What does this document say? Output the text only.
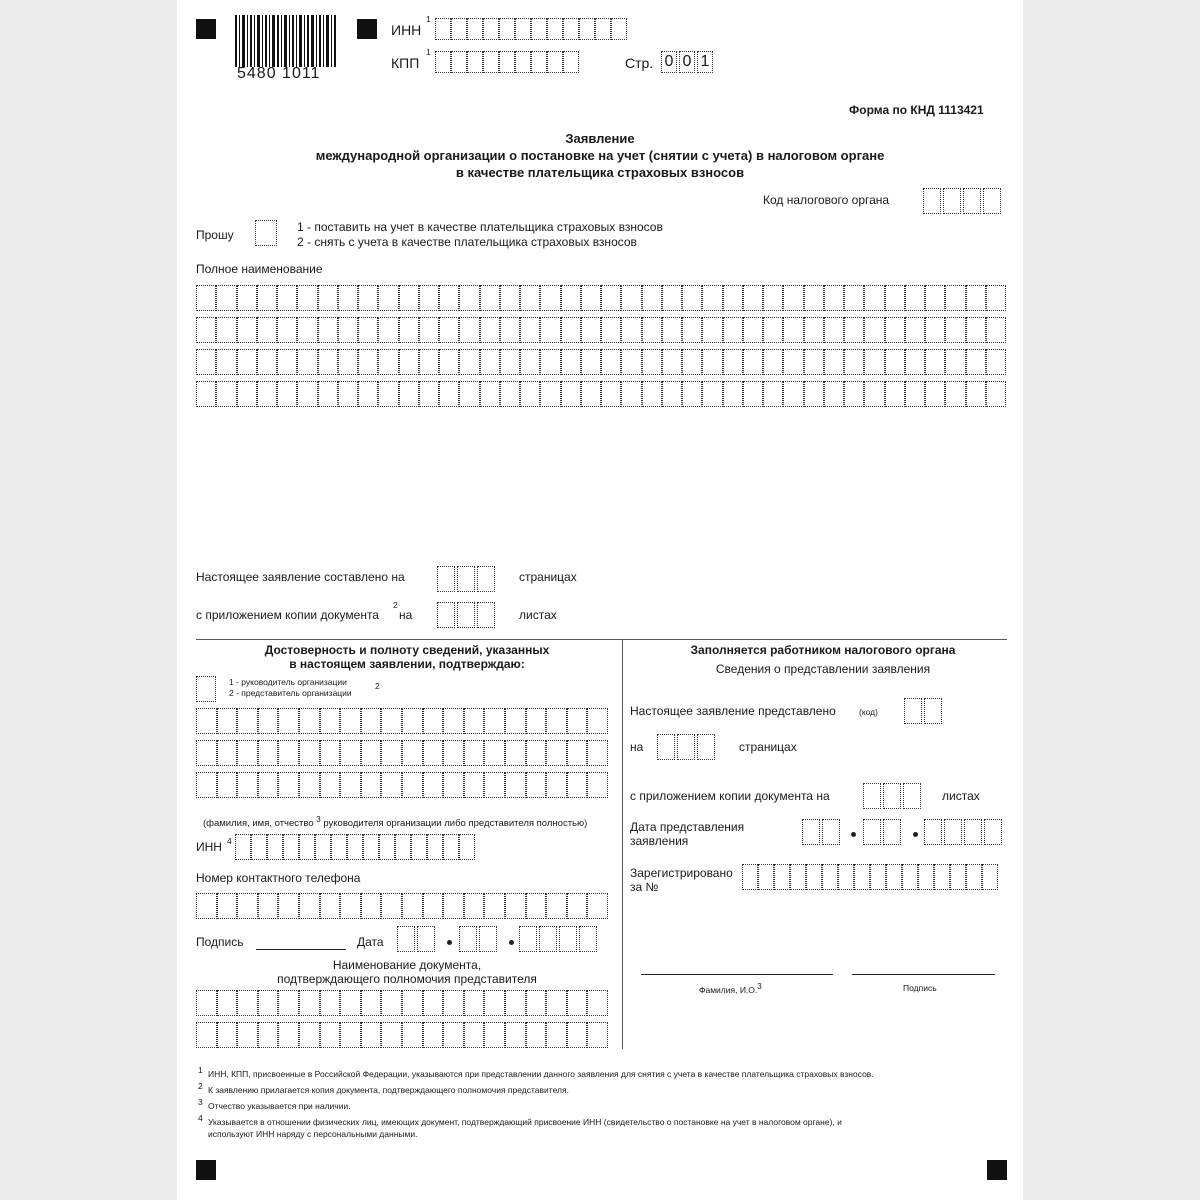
5480 1011
ИНН
1
КПП
1
Стр. 0 0 1
Форма по КНД 1113421
Заявление
международной организации о постановке на учет (снятии с учета) в налоговом органе
в качестве плательщика страховых взносов
Код налогового органа
Прошу
1 - поставить на учет в качестве плательщика страховых взносов
2 - снять с учета в качестве плательщика страховых взносов
Полное наименование
Настоящее заявление составлено на	страницах
с приложением копии документа
2
на	листах
Достоверность и полноту сведений, указанных
в настоящем заявлении, подтверждаю:
1 - руководитель организации
2 - представитель организации
2
(фамилия, имя, отчество $^3$ руководителя организации либо представителя полностью)
ИНН 4
Номер контактного телефона
Подпись	Дата
Наименование документа,
подтверждающего полномочия представителя
Заполняется работником налогового органа
Сведения о представлении заявления
Настоящее заявление представлено	(код)
на	страницах
с приложением копии документа на	листах
Дата представления
заявления
Зарегистрировано
за №
Фамилия, И.О.$^3$	Подпись
1 ИНН, КПП, присвоенные в Российской Федерации, указываются при представлении данного заявления для снятия с учета в качестве плательщика страховых взносов.
2 К заявлению прилагается копия документа, подтверждающего полномочия представителя.
3 Отчество указывается при наличии.
4 Указывается в отношении физических лиц, имеющих документ, подтверждающий присвоение ИНН (свидетельство о постановке на учет в налоговом органе), и
используют ИНН наряду с персональными данными.
